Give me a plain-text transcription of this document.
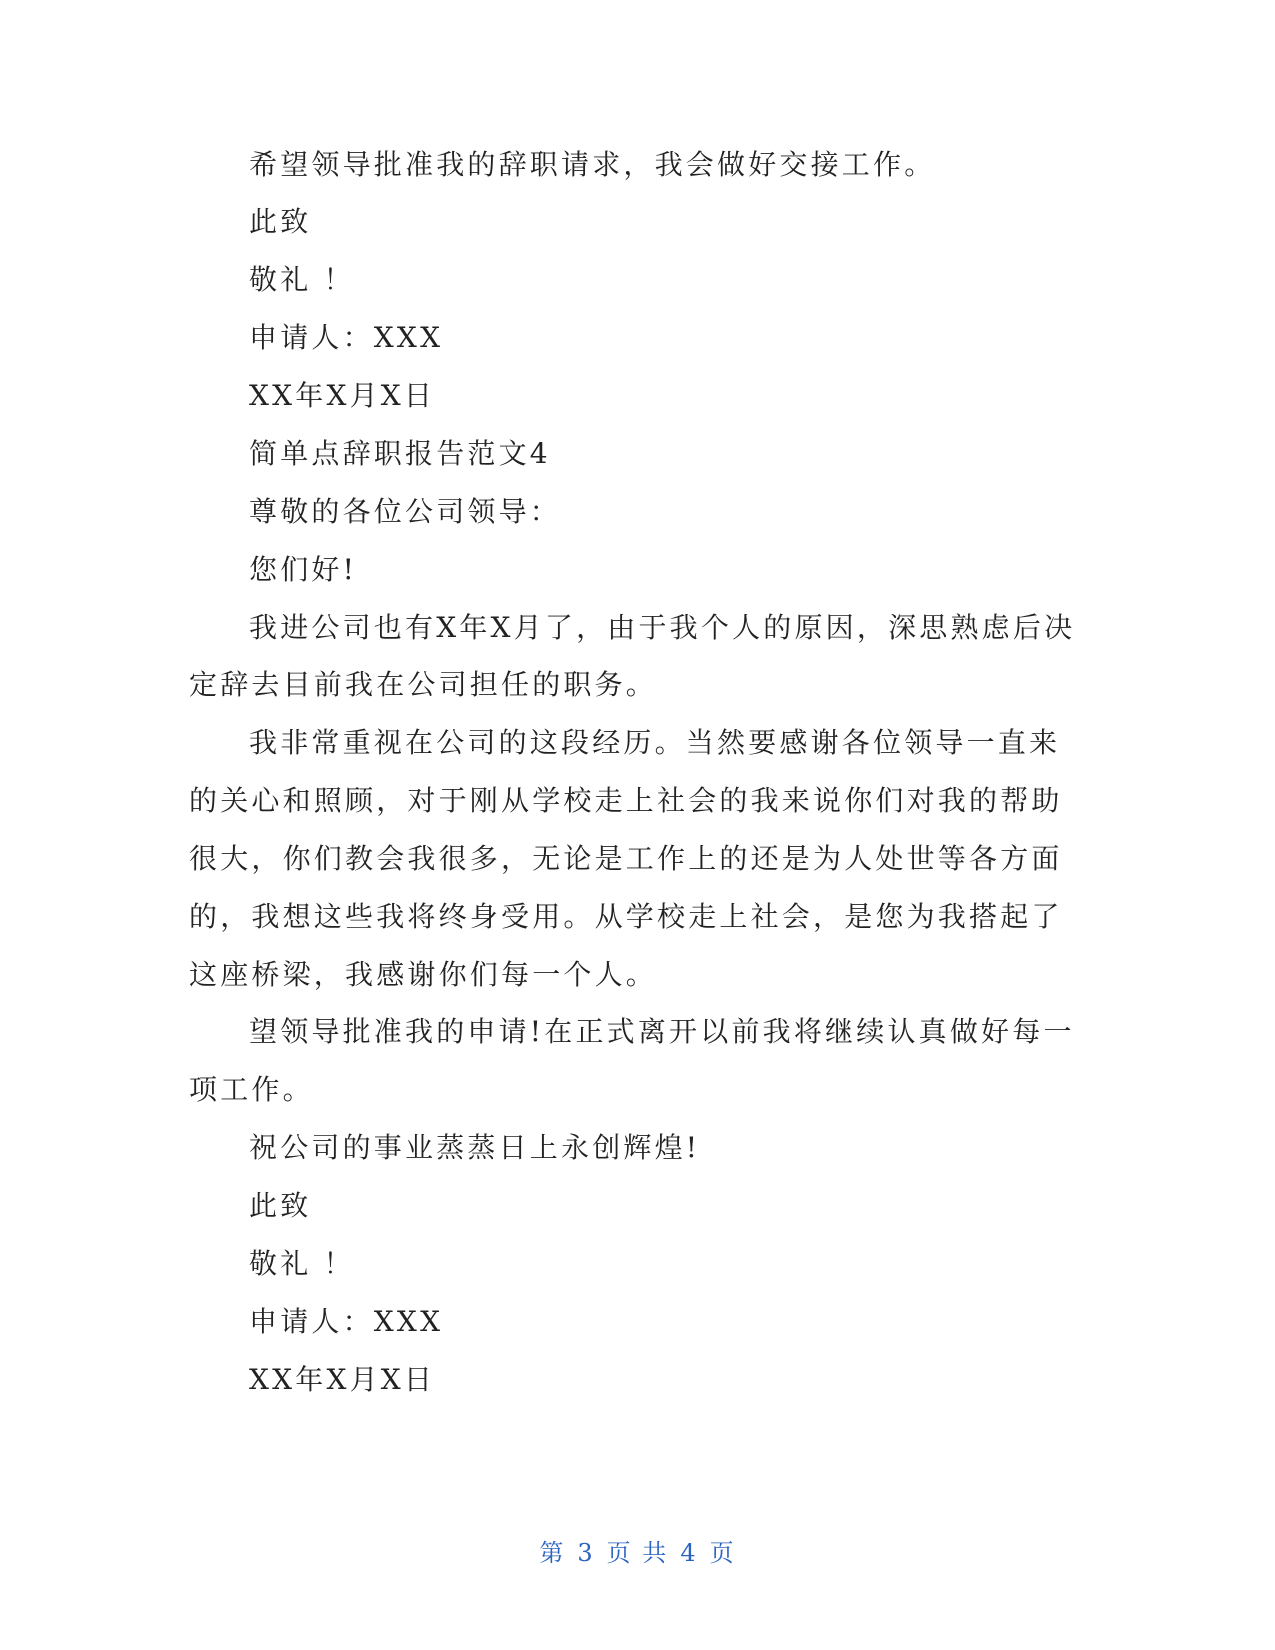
希望领导批准我的辞职请求，我会做好交接工作。
此致
敬礼 ！
申请人：XXX
XX年X月X日
简单点辞职报告范文4
尊敬的各位公司领导：
您们好!
我进公司也有X年X月了，由于我个人的原因，深思熟虑后决
定辞去目前我在公司担任的职务。
我非常重视在公司的这段经历。当然要感谢各位领导一直来
的关心和照顾，对于刚从学校走上社会的我来说你们对我的帮助
很大，你们教会我很多，无论是工作上的还是为人处世等各方面
的，我想这些我将终身受用。从学校走上社会，是您为我搭起了
这座桥梁，我感谢你们每一个人。
望领导批准我的申请!在正式离开以前我将继续认真做好每一
项工作。
祝公司的事业蒸蒸日上永创辉煌!
此致
敬礼 ！
申请人：XXX
XX年X月X日
第 3 页 共 4 页
